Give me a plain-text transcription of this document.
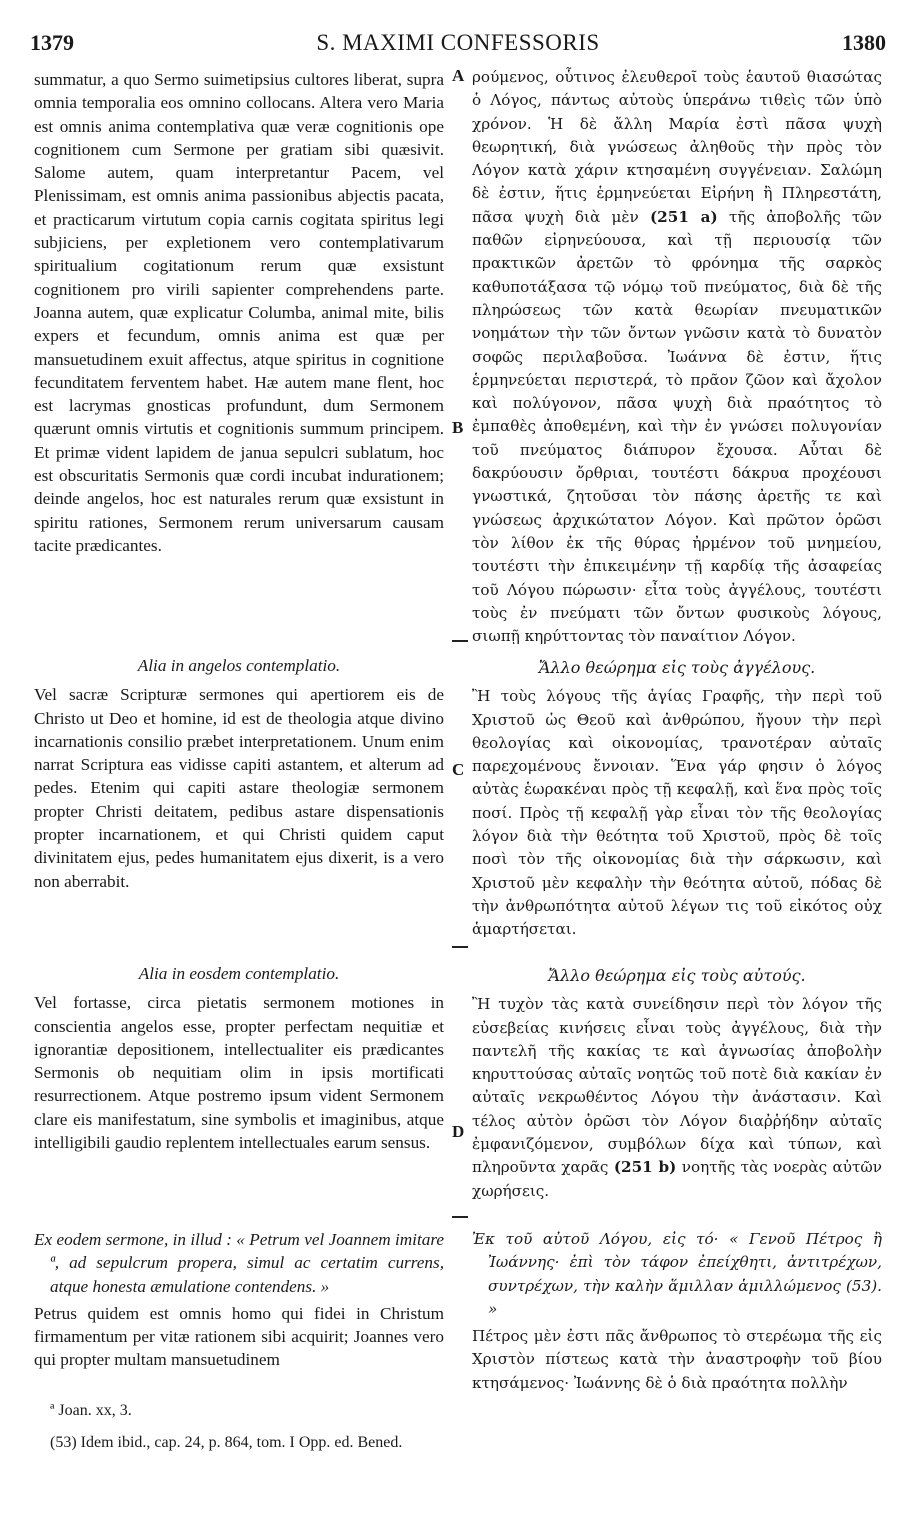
1379	S. MAXIMI CONFESSORIS	1380
A
B
C
D

summatur, a quo Sermo suimetipsius cultores liberat, supra omnia temporalia eos omnino collocans. Altera vero Maria est omnis anima contemplativa quæ veræ cognitionis ope cognitionem cum Sermone per gratiam sibi quæsivit. Salome autem, quam interpretantur Pacem, vel Plenissimam, est omnis anima passionibus abjectis pacata, et practicarum virtutum copia carnis cogitata spiritus legi subjiciens, per expletionem vero contemplativarum spiritualium cogitationum rerum quæ exsistunt cognitionem pro virili sapienter comprehendens parte. Joanna autem, quæ explicatur Columba, animal mite, bilis expers et fecundum, omnis anima est quæ per mansuetudinem exuit affectus, atque spiritus in cognitione fecunditatem ferventem habet. Hæ autem mane flent, hoc est lacrymas gnosticas profundunt, dum Sermonem quærunt omnis virtutis et cognitionis summum principem. Et primæ vident lapidem de janua sepulcri sublatum, hoc est obscuritatis Sermonis quæ cordi incubat indurationem; deinde angelos, hoc est naturales rerum quæ exsistunt in spiritu rationes, Sermonem rerum universarum causam tacite prædicantes.

Alia in angelos contemplatio.

Vel sacræ Scripturæ sermones qui apertiorem eis de Christo ut Deo et homine, id est de theologia atque divino incarnationis consilio præbet interpretationem. Unum enim narrat Scriptura eas vidisse capiti astantem, et alterum ad pedes. Etenim qui capiti astare theologiæ sermonem propter Christi deitatem, pedibus astare dispensationis propter incarnationem, et qui Christi quidem caput divinitatem ejus, pedes humanitatem ejus dixerit, is a vero non aberrabit.

Alia in eosdem contemplatio.

Vel fortasse, circa pietatis sermonem motiones in conscientia angelos esse, propter perfectam nequitiæ et ignorantiæ depositionem, intellectualiter eis prædicantes Sermonis ob nequitiam olim in ipsis mortificati resurrectionem. Atque postremo ipsum vident Sermonem clare eis manifestatum, sine symbolis et imaginibus, atque intelligibili gaudio replentem intellectuales earum sensus.

Ex eodem sermone, in illud : « Petrum vel Joannem imitare ª, ad sepulcrum propera, simul ac certatim currens, atque honesta æmulatione contendens. »

Petrus quidem est omnis homo qui fidei in Christum firmamentum per vitæ rationem sibi acquirit; Joannes vero qui propter multam mansuetudinem

ρούμενος, οὗτινος ἐλευθεροῖ τοὺς ἑαυτοῦ θιασώτας ὁ Λόγος, πάντως αὐτοὺς ὑπεράνω τιθεὶς τῶν ὑπὸ χρόνον. Ἡ δὲ ἄλλη Μαρία ἐστὶ πᾶσα ψυχὴ θεωρητική, διὰ γνώσεως ἀληθοῦς τὴν πρὸς τὸν Λόγον κατὰ χάριν κτησαμένη συγγένειαν. Σαλώμη δὲ ἐστιν, ἥτις ἑρμηνεύεται Εἰρήνη ἢ Πληρεστάτη, πᾶσα ψυχὴ διὰ μὲν (251 a) τῆς ἀποβολῆς τῶν παθῶν εἰρηνεύουσα, καὶ τῇ περιουσίᾳ τῶν πρακτικῶν ἀρετῶν τὸ φρόνημα τῆς σαρκὸς καθυποτάξασα τῷ νόμῳ τοῦ πνεύματος, διὰ δὲ τῆς πληρώσεως τῶν κατὰ θεωρίαν πνευματικῶν νοημάτων τὴν τῶν ὄντων γνῶσιν κατὰ τὸ δυνατὸν σοφῶς περιλαβοῦσα. Ἰωάννα δὲ ἐστιν, ἥτις ἑρμηνεύεται περιστερά, τὸ πρᾶον ζῶον καὶ ἄχολον καὶ πολύγονον, πᾶσα ψυχὴ διὰ πραότητος τὸ ἐμπαθὲς ἀποθεμένη, καὶ τὴν ἐν γνώσει πολυγονίαν τοῦ πνεύματος διάπυρον ἔχουσα. Αὗται δὲ δακρύουσιν ὄρθριαι, τουτέστι δάκρυα προχέουσι γνωστικά, ζητοῦσαι τὸν πάσης ἀρετῆς τε καὶ γνώσεως ἀρχικώτατον Λόγον. Καὶ πρῶτον ὁρῶσι τὸν λίθον ἐκ τῆς θύρας ἠρμένον τοῦ μνημείου, τουτέστι τὴν ἐπικειμένην τῇ καρδίᾳ τῆς ἀσαφείας τοῦ Λόγου πώρωσιν· εἶτα τοὺς ἀγγέλους, τουτέστι τοὺς ἐν πνεύματι τῶν ὄντων φυσικοὺς λόγους, σιωπῇ κηρύττοντας τὸν παναίτιον Λόγον.

Ἄλλο θεώρημα εἰς τοὺς ἀγγέλους.

Ἢ τοὺς λόγους τῆς ἁγίας Γραφῆς, τὴν περὶ τοῦ Χριστοῦ ὡς Θεοῦ καὶ ἀνθρώπου, ἤγουν τὴν περὶ θεολογίας καὶ οἰκονομίας, τρανοτέραν αὐταῖς παρεχομένους ἔννοιαν. Ἕνα γάρ φησιν ὁ λόγος αὐτὰς ἑωρακέναι πρὸς τῇ κεφαλῇ, καὶ ἕνα πρὸς τοῖς ποσί. Πρὸς τῇ κεφαλῇ γὰρ εἶναι τὸν τῆς θεολογίας λόγον διὰ τὴν θεότητα τοῦ Χριστοῦ, πρὸς δὲ τοῖς ποσὶ τὸν τῆς οἰκονομίας διὰ τὴν σάρκωσιν, καὶ Χριστοῦ μὲν κεφαλὴν τὴν θεότητα αὐτοῦ, πόδας δὲ τὴν ἀνθρωπότητα αὐτοῦ λέγων τις τοῦ εἰκότος οὐχ ἁμαρτήσεται.

Ἄλλο θεώρημα εἰς τοὺς αὐτούς.

Ἢ τυχὸν τὰς κατὰ συνείδησιν περὶ τὸν λόγον τῆς εὐσεβείας κινήσεις εἶναι τοὺς ἀγγέλους, διὰ τὴν παντελῆ τῆς κακίας τε καὶ ἀγνωσίας ἀποβολὴν κηρυττούσας αὐταῖς νοητῶς τοῦ ποτὲ διὰ κακίαν ἐν αὐταῖς νεκρωθέντος Λόγου τὴν ἀνάστασιν. Καὶ τέλος αὐτὸν ὁρῶσι τὸν Λόγον διαῤῥήδην αὐταῖς ἐμφανιζόμενον, συμβόλων δίχα καὶ τύπων, καὶ πληροῦντα χαρᾶς (251 b) νοητῆς τὰς νοερὰς αὐτῶν χωρήσεις.

Ἐκ τοῦ αὐτοῦ Λόγου, εἰς τό· « Γενοῦ Πέτρος ἢ Ἰωάννης· ἐπὶ τὸν τάφον ἐπείχθητι, ἀντιτρέχων, συντρέχων, τὴν καλὴν ἅμιλλαν ἁμιλλώμενος (53). »

Πέτρος μὲν ἐστι πᾶς ἄνθρωπος τὸ στερέωμα τῆς εἰς Χριστὸν πίστεως κατὰ τὴν ἀναστροφὴν τοῦ βίου κτησάμενος· Ἰωάννης δὲ ὁ διὰ πραότητα πολλὴν

ª Joan. xx, 3.
(53) Idem ibid., cap. 24, p. 864, tom. I Opp. ed. Bened.
